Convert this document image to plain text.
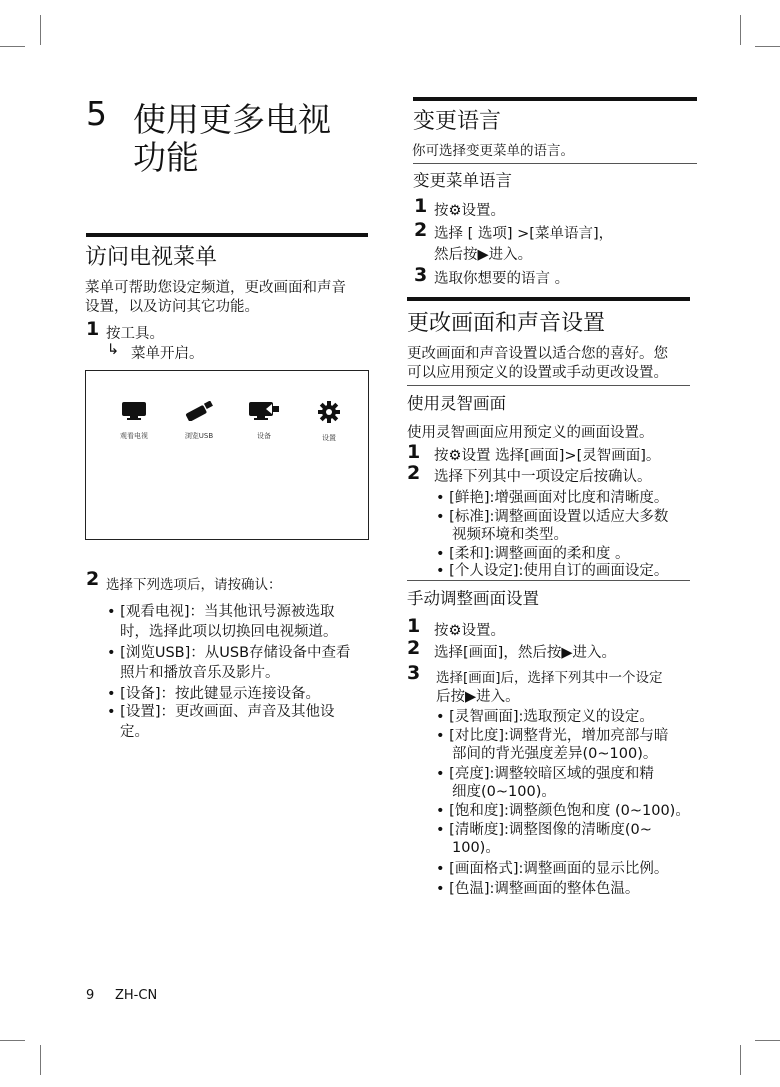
5 使用更多电视
功能
访问电视菜单
菜单可帮助您设定频道，更改画面和声音
设置，以及访问其它功能。
1 按工具。
↳ 菜单开启。
观看电视	浏览USB	设备	设置
2 选择下列选项后，请按确认：
• [观看电视]：当其他讯号源被选取
时，选择此项以切换回电视频道。
• [浏览USB]：从USB存储设备中查看
照片和播放音乐及影片。
• [设备]：按此键显示连接设备。
• [设置]：更改画面、声音及其他设
定。
变更语言
你可选择变更菜单的语言。
变更菜单语言
1 按⚙设置。
2 选择 [ 选项] >[菜单语言]，
然后按▶进入。
3 选取你想要的语言 。
更改画面和声音设置
更改画面和声音设置以适合您的喜好。您
可以应用预定义的设置或手动更改设置。
使用灵智画面
使用灵智画面应用预定义的画面设置。
1 按⚙设置 选择[画面]>[灵智画面]。
2 选择下列其中一项设定后按确认。
• [鲜艳]:增强画面对比度和清晰度。
• [标准]:调整画面设置以适应大多数
视频环境和类型。
• [柔和]:调整画面的柔和度 。
• [个人设定]:使用自订的画面设定。
手动调整画面设置
1 按⚙设置。
2 选择[画面]，然后按▶进入。
3 选择[画面]后，选择下列其中一个设定
后按▶进入。
• [灵智画面]:选取预定义的设定。
• [对比度]:调整背光，增加亮部与暗
部间的背光强度差异(0~100)。
• [亮度]:调整较暗区域的强度和精
细度(0~100)。
• [饱和度]:调整颜色饱和度 (0~100)。
• [清晰度]:调整图像的清晰度(0~
100)。
• [画面格式]:调整画面的显示比例。
• [色温]:调整画面的整体色温。
9 ZH-CN
